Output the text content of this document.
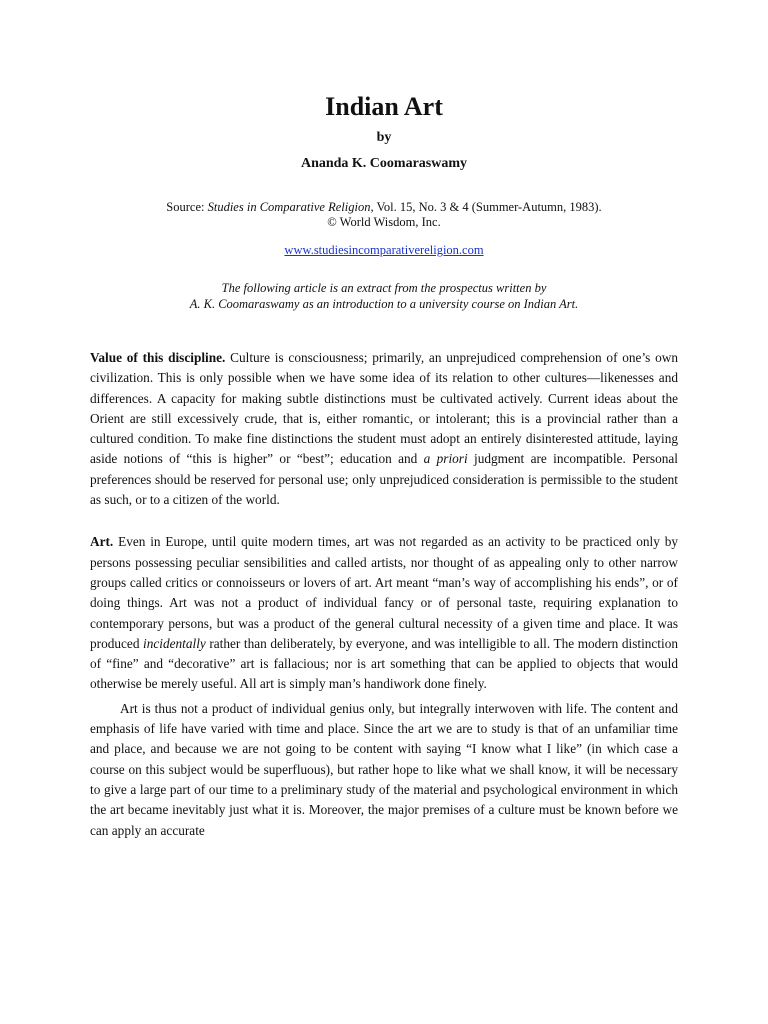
Indian Art
by
Ananda K. Coomaraswamy
Source: Studies in Comparative Religion, Vol. 15, No. 3 & 4 (Summer-Autumn, 1983).
© World Wisdom, Inc.
www.studiesincomparativereligion.com
The following article is an extract from the prospectus written by
A. K. Coomaraswamy as an introduction to a university course on Indian Art.

Value of this discipline. Culture is consciousness; primarily, an unprejudiced comprehension of one’s own civilization. This is only possible when we have some idea of its relation to other cultures—likenesses and differences. A capacity for making subtle distinctions must be cultivated actively. Current ideas about the Orient are still excessively crude, that is, either romantic, or intolerant; this is a provincial rather than a cultured condition. To make fine distinctions the student must adopt an entirely disinterested attitude, laying aside notions of “this is higher” or “best”; education and a priori judgment are incompatible. Personal preferences should be reserved for personal use; only unprejudiced consideration is permissible to the student as such, or to a citizen of the world.

Art. Even in Europe, until quite modern times, art was not regarded as an activity to be practiced only by persons possessing peculiar sensibilities and called artists, nor thought of as appealing only to other narrow groups called critics or connoisseurs or lovers of art. Art meant “man’s way of accomplishing his ends”, or of doing things. Art was not a product of individual fancy or of personal taste, requiring explanation to contemporary persons, but was a product of the general cultural necessity of a given time and place. It was produced incidentally rather than deliberately, by everyone, and was intelligible to all. The modern distinction of “fine” and “decorative” art is fallacious; nor is art something that can be applied to objects that would otherwise be merely useful. All art is simply man’s handiwork done finely.

Art is thus not a product of individual genius only, but integrally interwoven with life. The content and emphasis of life have varied with time and place. Since the art we are to study is that of an unfamiliar time and place, and because we are not going to be content with saying “I know what I like” (in which case a course on this subject would be superfluous), but rather hope to like what we shall know, it will be necessary to give a large part of our time to a preliminary study of the material and psychological environment in which the art became inevitably just what it is. Moreover, the major premises of a culture must be known before we can apply an accurate
